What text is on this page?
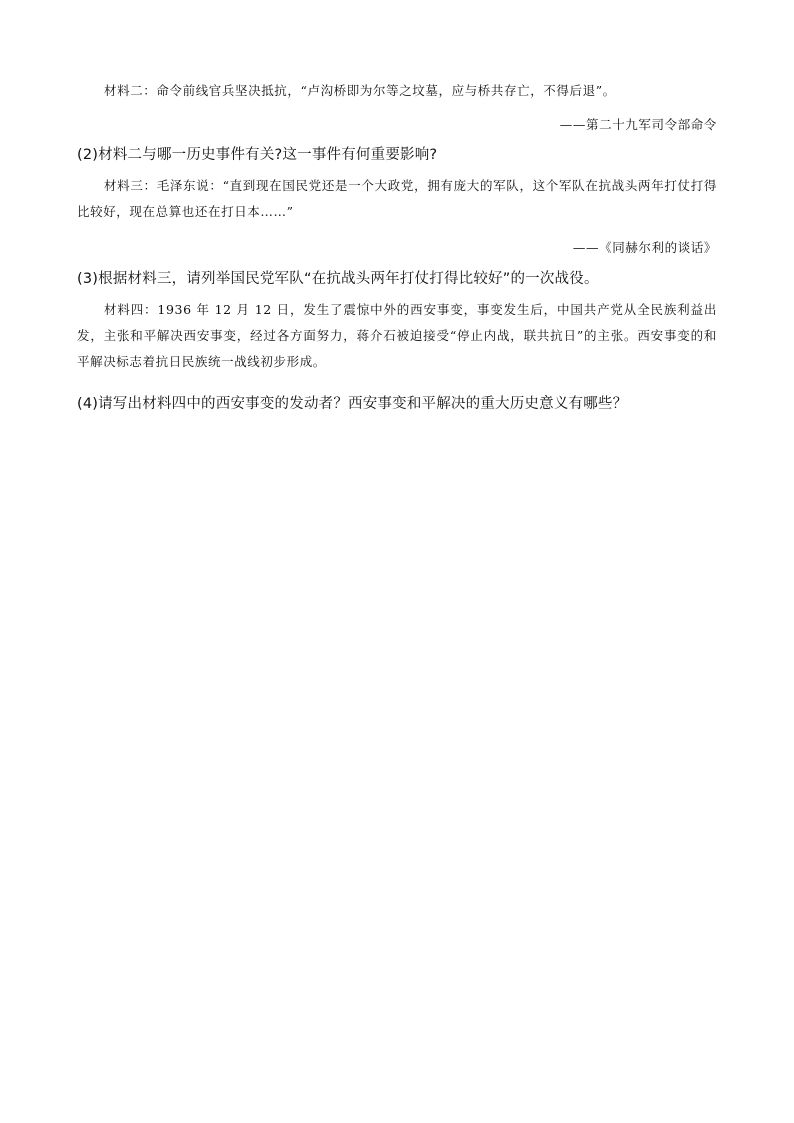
材料二：命令前线官兵坚决抵抗，“卢沟桥即为尔等之坟墓，应与桥共存亡，不得后退”。

——第二十九军司令部命令

(2)材料二与哪一历史事件有关?这一事件有何重要影响?

材料三：毛泽东说：“直到现在国民党还是一个大政党，拥有庞大的军队，这个军队在抗战头两年打仗打得比较好，现在总算也还在打日本……”

——《同赫尔利的谈话》

(3)根据材料三，请列举国民党军队“在抗战头两年打仗打得比较好”的一次战役。

材料四：1936 年 12 月 12 日，发生了震惊中外的西安事变，事变发生后，中国共产党从全民族利益出发，主张和平解决西安事变，经过各方面努力，蒋介石被迫接受“停止内战，联共抗日”的主张。西安事变的和平解决标志着抗日民族统一战线初步形成。

(4)请写出材料四中的西安事变的发动者？西安事变和平解决的重大历史意义有哪些？
